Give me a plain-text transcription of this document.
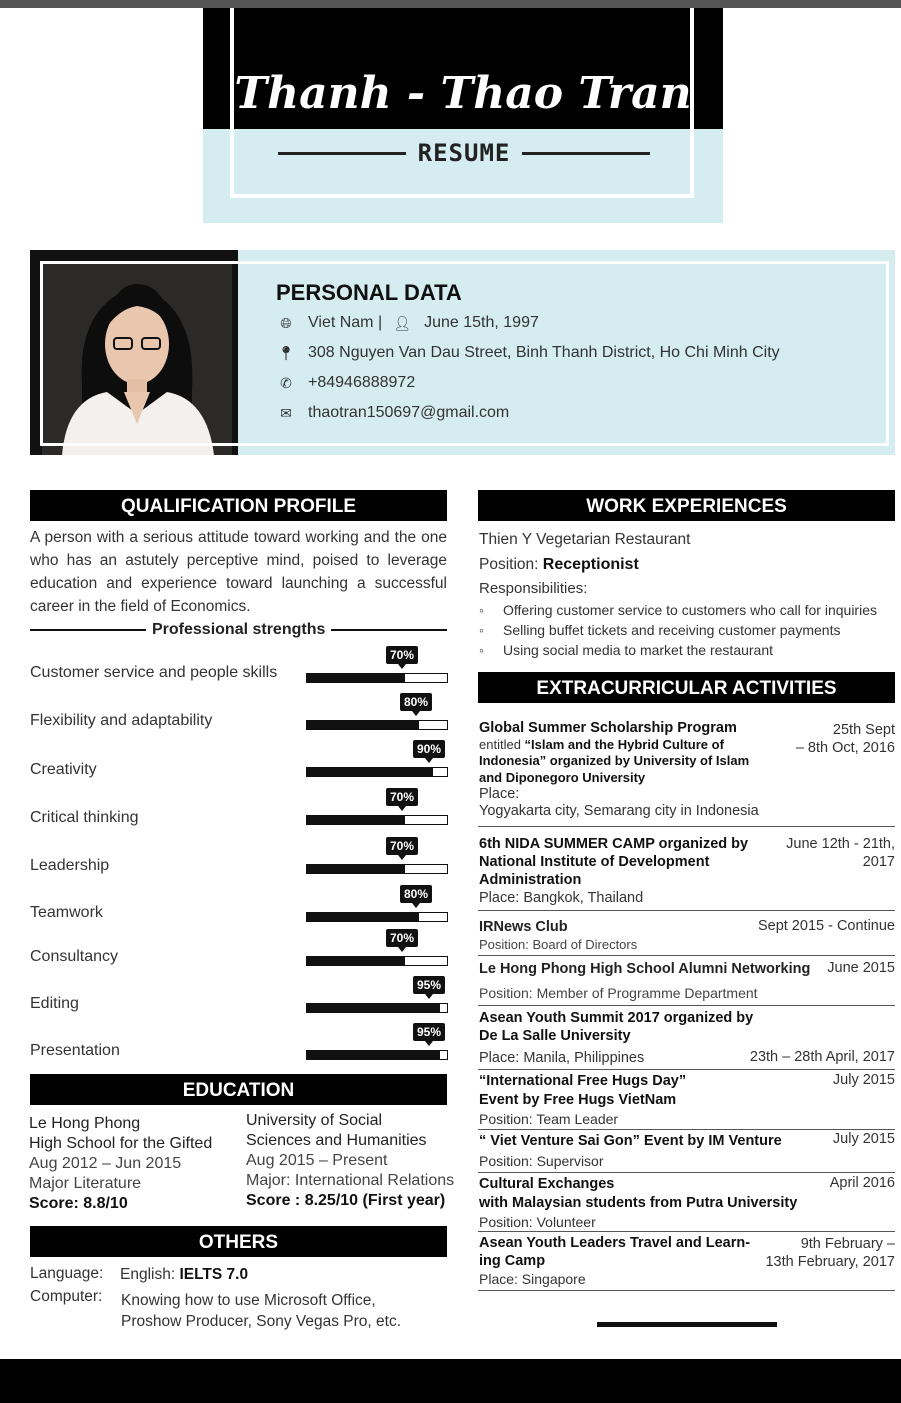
Thanh - Thao Tran
RESUME
PERSONAL DATA
🌐︎ Viet Nam | 👤︎ June 15th, 1997
📍︎ 308 Nguyen Van Dau Street, Binh Thanh District, Ho Chi Minh City
✆ +84946888972
✉ thaotran150697@gmail.com
QUALIFICATION PROFILE
A person with a serious attitude toward working and the one who has an astutely perceptive mind, poised to leverage education and experience toward launching a successful career in the field of Economics.
Professional strengths
Customer service and people skills
70%
Flexibility and adaptability
80%
Creativity
90%
Critical thinking
70%
Leadership
70%
Teamwork
80%
Consultancy
70%
Editing
95%
Presentation
95%
EDUCATION
Le Hong Phong
High School for the Gifted
Aug 2012 – Jun 2015
Major Literature
Score: 8.8/10
University of Social
Sciences and Humanities
Aug 2015 – Present
Major: International Relations
Score : 8.25/10 (First year)
OTHERS
Language: English: IELTS 7.0
Computer: Knowing how to use Microsoft Office,
Proshow Producer, Sony Vegas Pro, etc.
WORK EXPERIENCES
Thien Y Vegetarian Restaurant
Position: Receptionist
Responsibilities:
◦ Offering customer service to customers who call for inquiries
◦ Selling buffet tickets and receiving customer payments
◦ Using social media to market the restaurant
EXTRACURRICULAR ACTIVITIES
Global Summer Scholarship Program
entitled “Islam and the Hybrid Culture of
Indonesia” organized by University of Islam
and Diponegoro University
Place:
Yogyakarta city, Semarang city in Indonesia
25th Sept
– 8th Oct, 2016
6th NIDA SUMMER CAMP organized by
National Institute of Development
Administration
Place: Bangkok, Thailand
June 12th - 21th,
2017
IRNews Club	Sept 2015 - Continue
Position: Board of Directors
Le Hong Phong High School Alumni Networking	June 2015
Position: Member of Programme Department
Asean Youth Summit 2017 organized by
De La Salle University
Place: Manila, Philippines	23th – 28th April, 2017
“International Free Hugs Day”
Event by Free Hugs VietNam
Position: Team Leader
July 2015
“ Viet Venture Sai Gon” Event by IM Venture
Position: Supervisor
July 2015
Cultural Exchanges
with Malaysian students from Putra University
Position: Volunteer
April 2016
Asean Youth Leaders Travel and Learn-
ing Camp
Place: Singapore
9th February –
13th February, 2017
